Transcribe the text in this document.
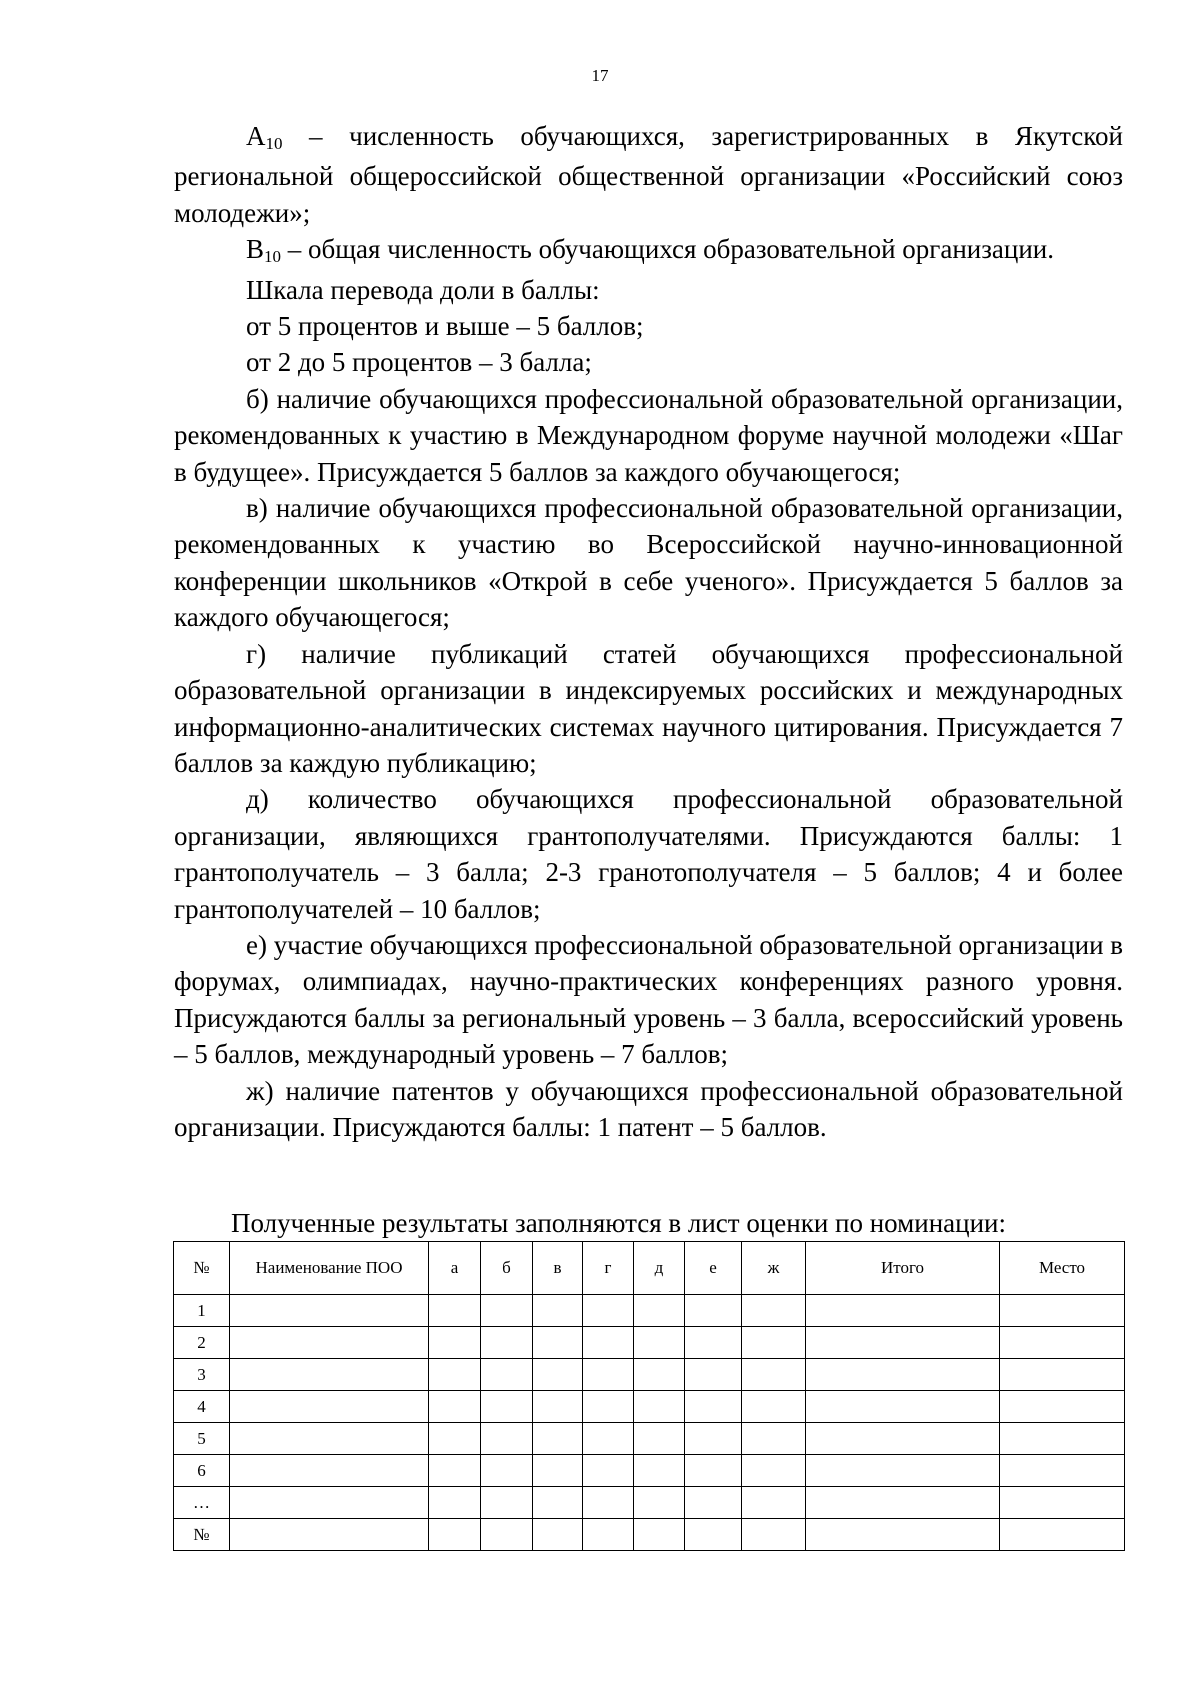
17

$А_{10}$ – численность обучающихся, зарегистрированных в Якутской региональной общероссийской общественной организации «Российский союз молодежи»;

$В_{10}$ – общая численность обучающихся образовательной организации.

Шкала перевода доли в баллы:

от 5 процентов и выше – 5 баллов;

от 2 до 5 процентов – 3 балла;

б) наличие обучающихся профессиональной образовательной организации, рекомендованных к участию в Международном форуме научной молодежи «Шаг в будущее». Присуждается 5 баллов за каждого обучающегося;

в) наличие обучающихся профессиональной образовательной организации, рекомендованных к участию во Всероссийской научно-инновационной конференции школьников «Открой в себе ученого». Присуждается 5 баллов за каждого обучающегося;

г) наличие публикаций статей обучающихся профессиональной образовательной организации в индексируемых российских и международных информационно-аналитических системах научного цитирования. Присуждается 7 баллов за каждую публикацию;

д) количество обучающихся профессиональной образовательной организации, являющихся грантополучателями. Присуждаются баллы: 1 грантополучатель – 3 балла; 2-3 гранотополучателя – 5 баллов; 4 и более грантополучателей – 10 баллов;

е) участие обучающихся профессиональной образовательной организации в форумах, олимпиадах, научно-практических конференциях разного уровня. Присуждаются баллы за региональный уровень – 3 балла, всероссийский уровень – 5 баллов, международный уровень – 7 баллов;

ж) наличие патентов у обучающихся профессиональной образовательной организации. Присуждаются баллы: 1 патент – 5 баллов.

Полученные результаты заполняются в лист оценки по номинации:
№	Наименование ПОО	а	б	в	г	д	е	ж	Итого	Место
1										
2										
3										
4										
5										
6										
…										
№										
